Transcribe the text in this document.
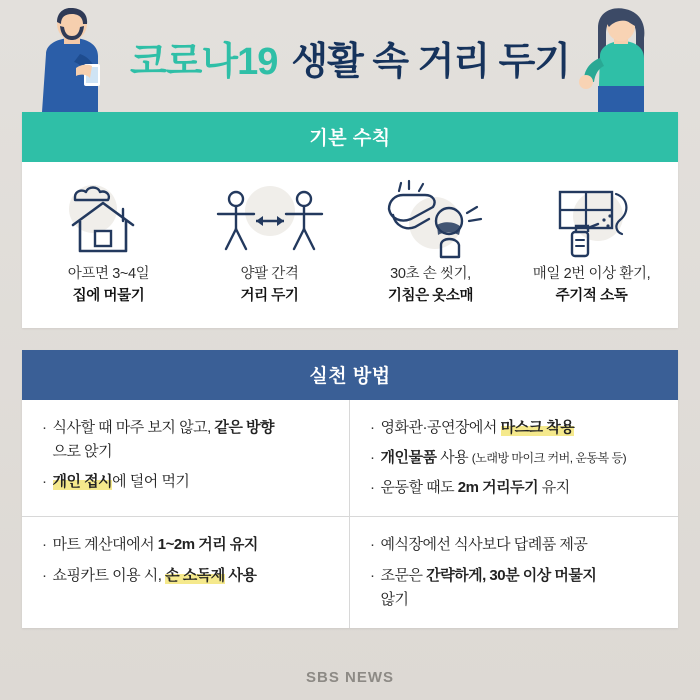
코로나19 생활 속 거리 두기
기본 수칙
아프면 3~4일
집에 머물기
양팔 간격
거리 두기
30초 손 씻기,
기침은 옷소매
매일 2번 이상 환기,
주기적 소독
실천 방법
· 식사할 때 마주 보지 않고, 같은 방향
으로 앉기
· 개인 접시에 덜어 먹기
· 영화관·공연장에서 마스크 착용
· 개인물품 사용 (노래방 마이크 커버, 운동복 등)
· 운동할 때도 2m 거리두기 유지
· 마트 계산대에서 1~2m 거리 유지
· 쇼핑카트 이용 시, 손 소독제 사용
· 예식장에선 식사보다 답례품 제공
· 조문은 간략하게, 30분 이상 머물지
않기
SBS NEWS
